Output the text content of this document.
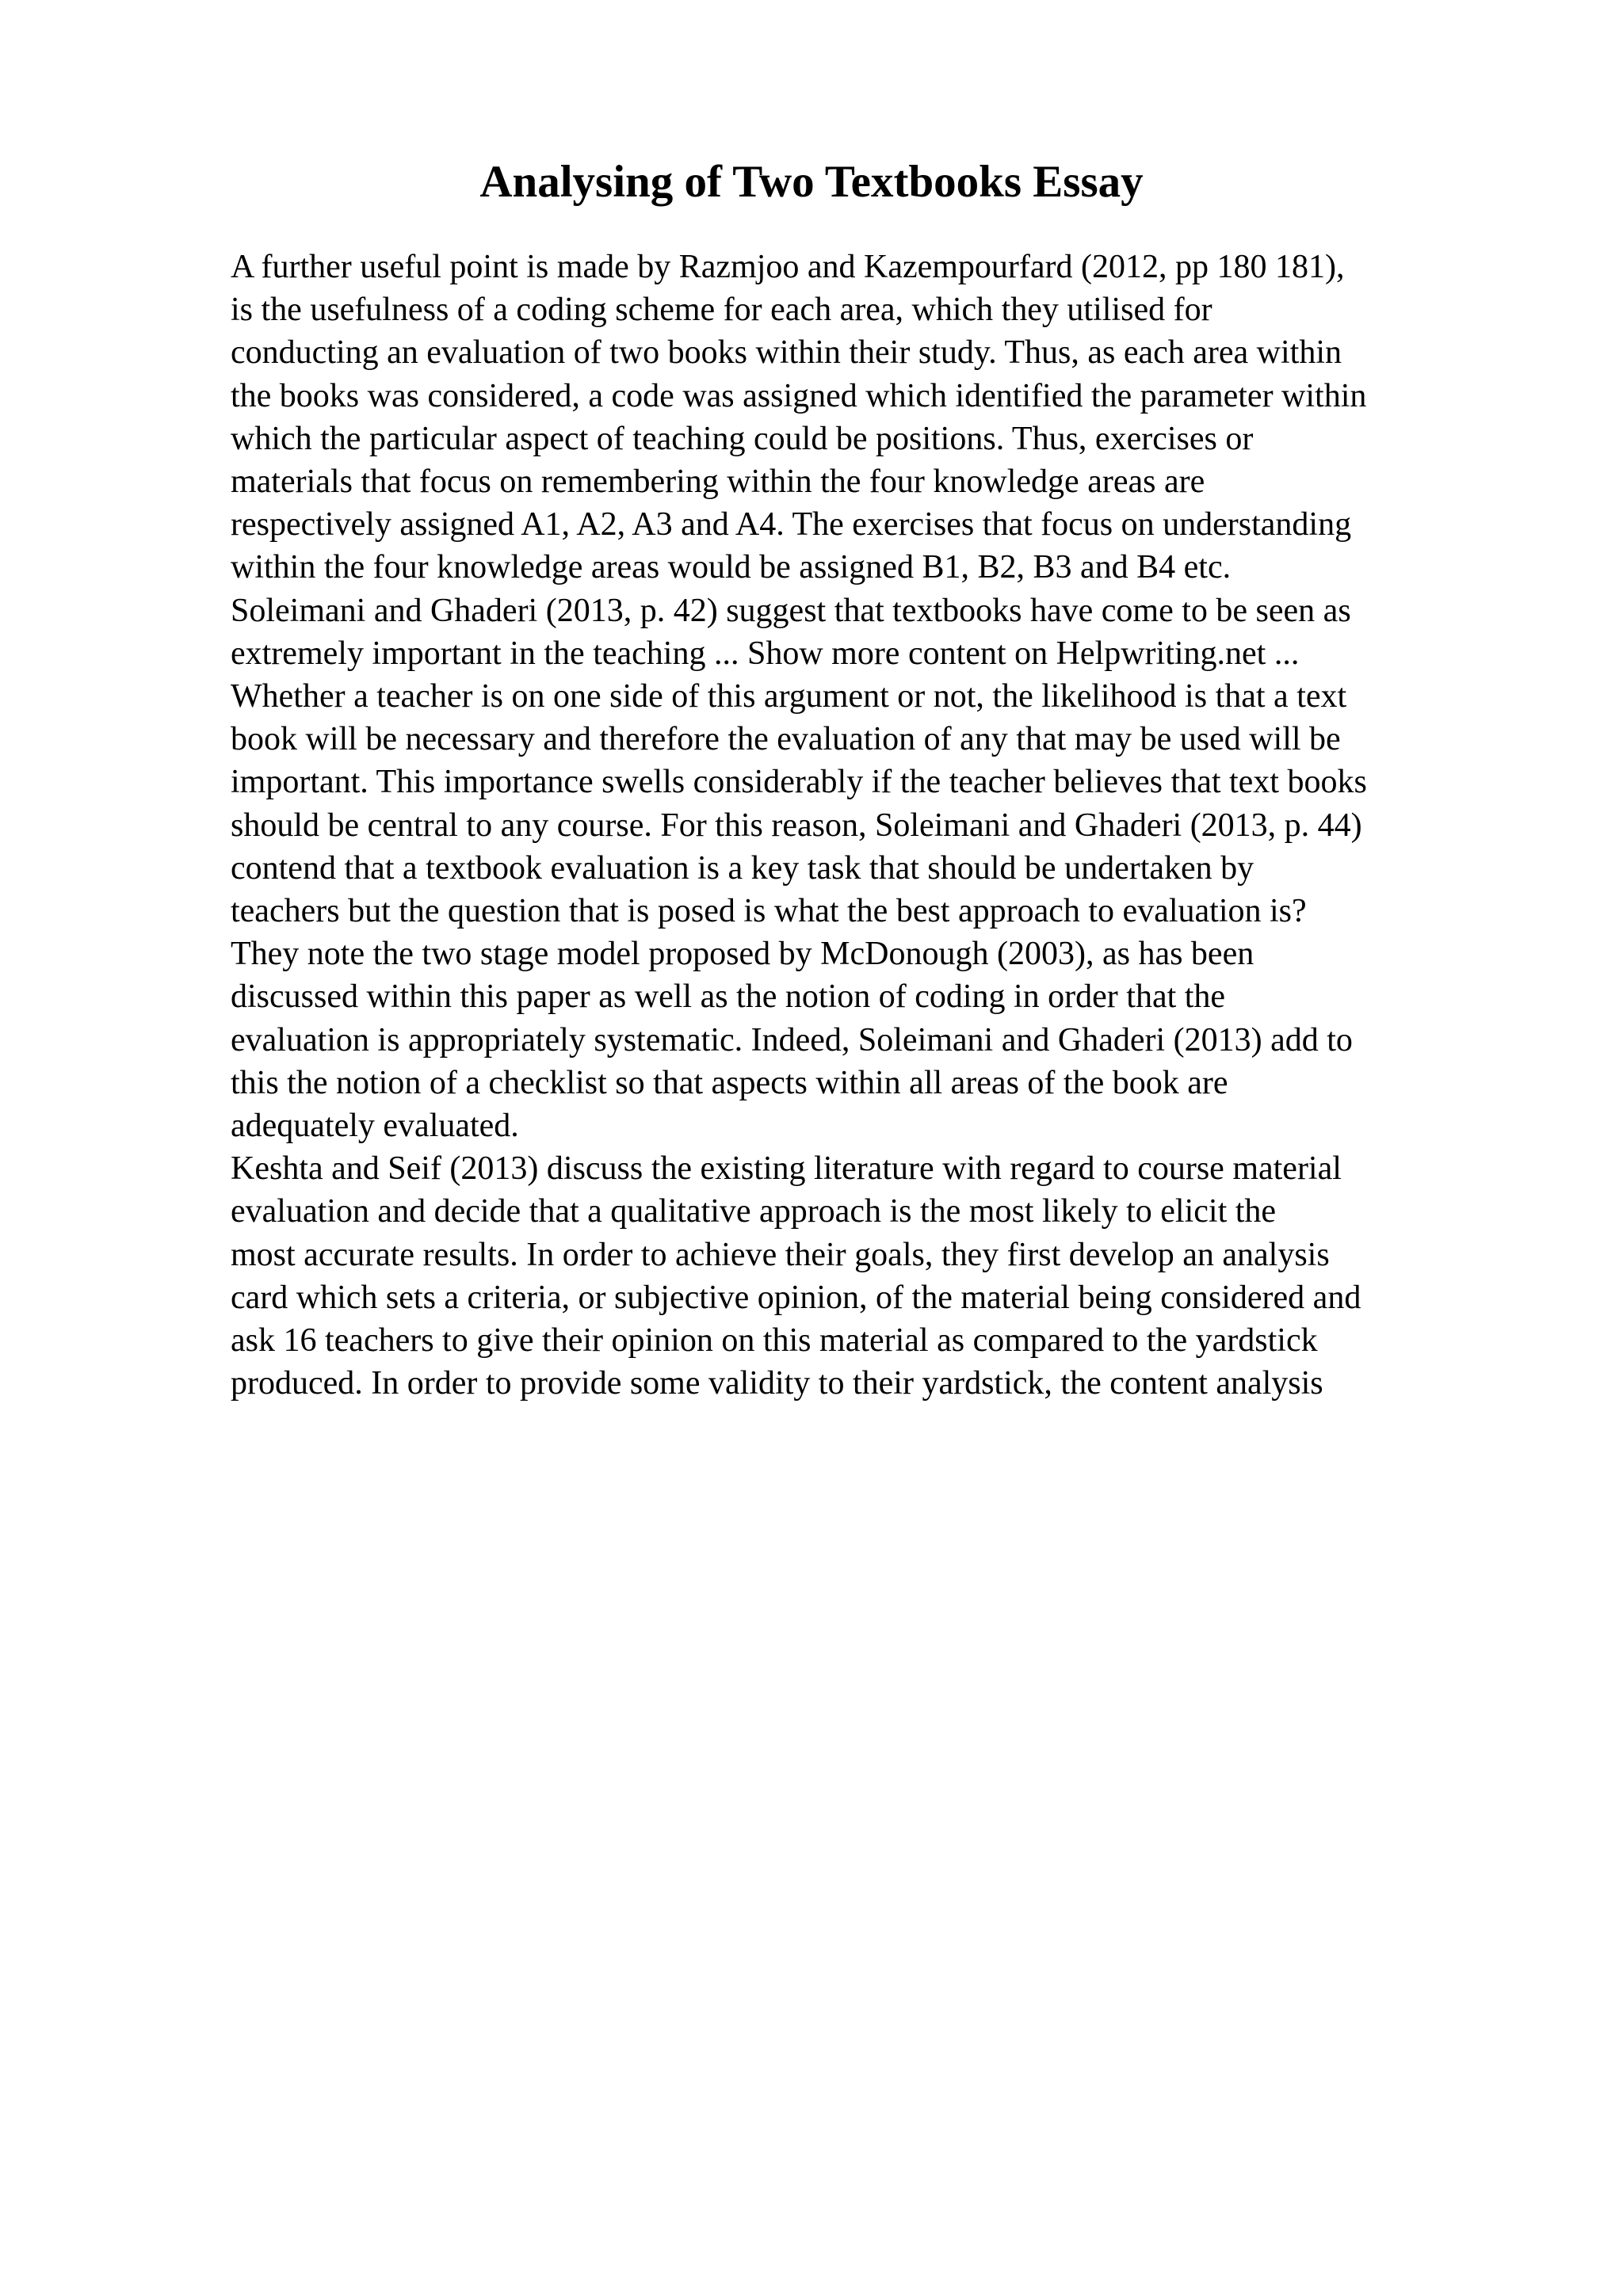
Analysing of Two Textbooks Essay
A further useful point is made by Razmjoo and Kazempourfard (2012, pp 180 181),
is the usefulness of a coding scheme for each area, which they utilised for
conducting an evaluation of two books within their study. Thus, as each area within
the books was considered, a code was assigned which identified the parameter within
which the particular aspect of teaching could be positions. Thus, exercises or
materials that focus on remembering within the four knowledge areas are
respectively assigned A1, A2, A3 and A4. The exercises that focus on understanding
within the four knowledge areas would be assigned B1, B2, B3 and B4 etc.
Soleimani and Ghaderi (2013, p. 42) suggest that textbooks have come to be seen as
extremely important in the teaching ... Show more content on Helpwriting.net ...
Whether a teacher is on one side of this argument or not, the likelihood is that a text
book will be necessary and therefore the evaluation of any that may be used will be
important. This importance swells considerably if the teacher believes that text books
should be central to any course. For this reason, Soleimani and Ghaderi (2013, p. 44)
contend that a textbook evaluation is a key task that should be undertaken by
teachers but the question that is posed is what the best approach to evaluation is?
They note the two stage model proposed by McDonough (2003), as has been
discussed within this paper as well as the notion of coding in order that the
evaluation is appropriately systematic. Indeed, Soleimani and Ghaderi (2013) add to
this the notion of a checklist so that aspects within all areas of the book are
adequately evaluated.
Keshta and Seif (2013) discuss the existing literature with regard to course material
evaluation and decide that a qualitative approach is the most likely to elicit the
most accurate results. In order to achieve their goals, they first develop an analysis
card which sets a criteria, or subjective opinion, of the material being considered and
ask 16 teachers to give their opinion on this material as compared to the yardstick
produced. In order to provide some validity to their yardstick, the content analysis
